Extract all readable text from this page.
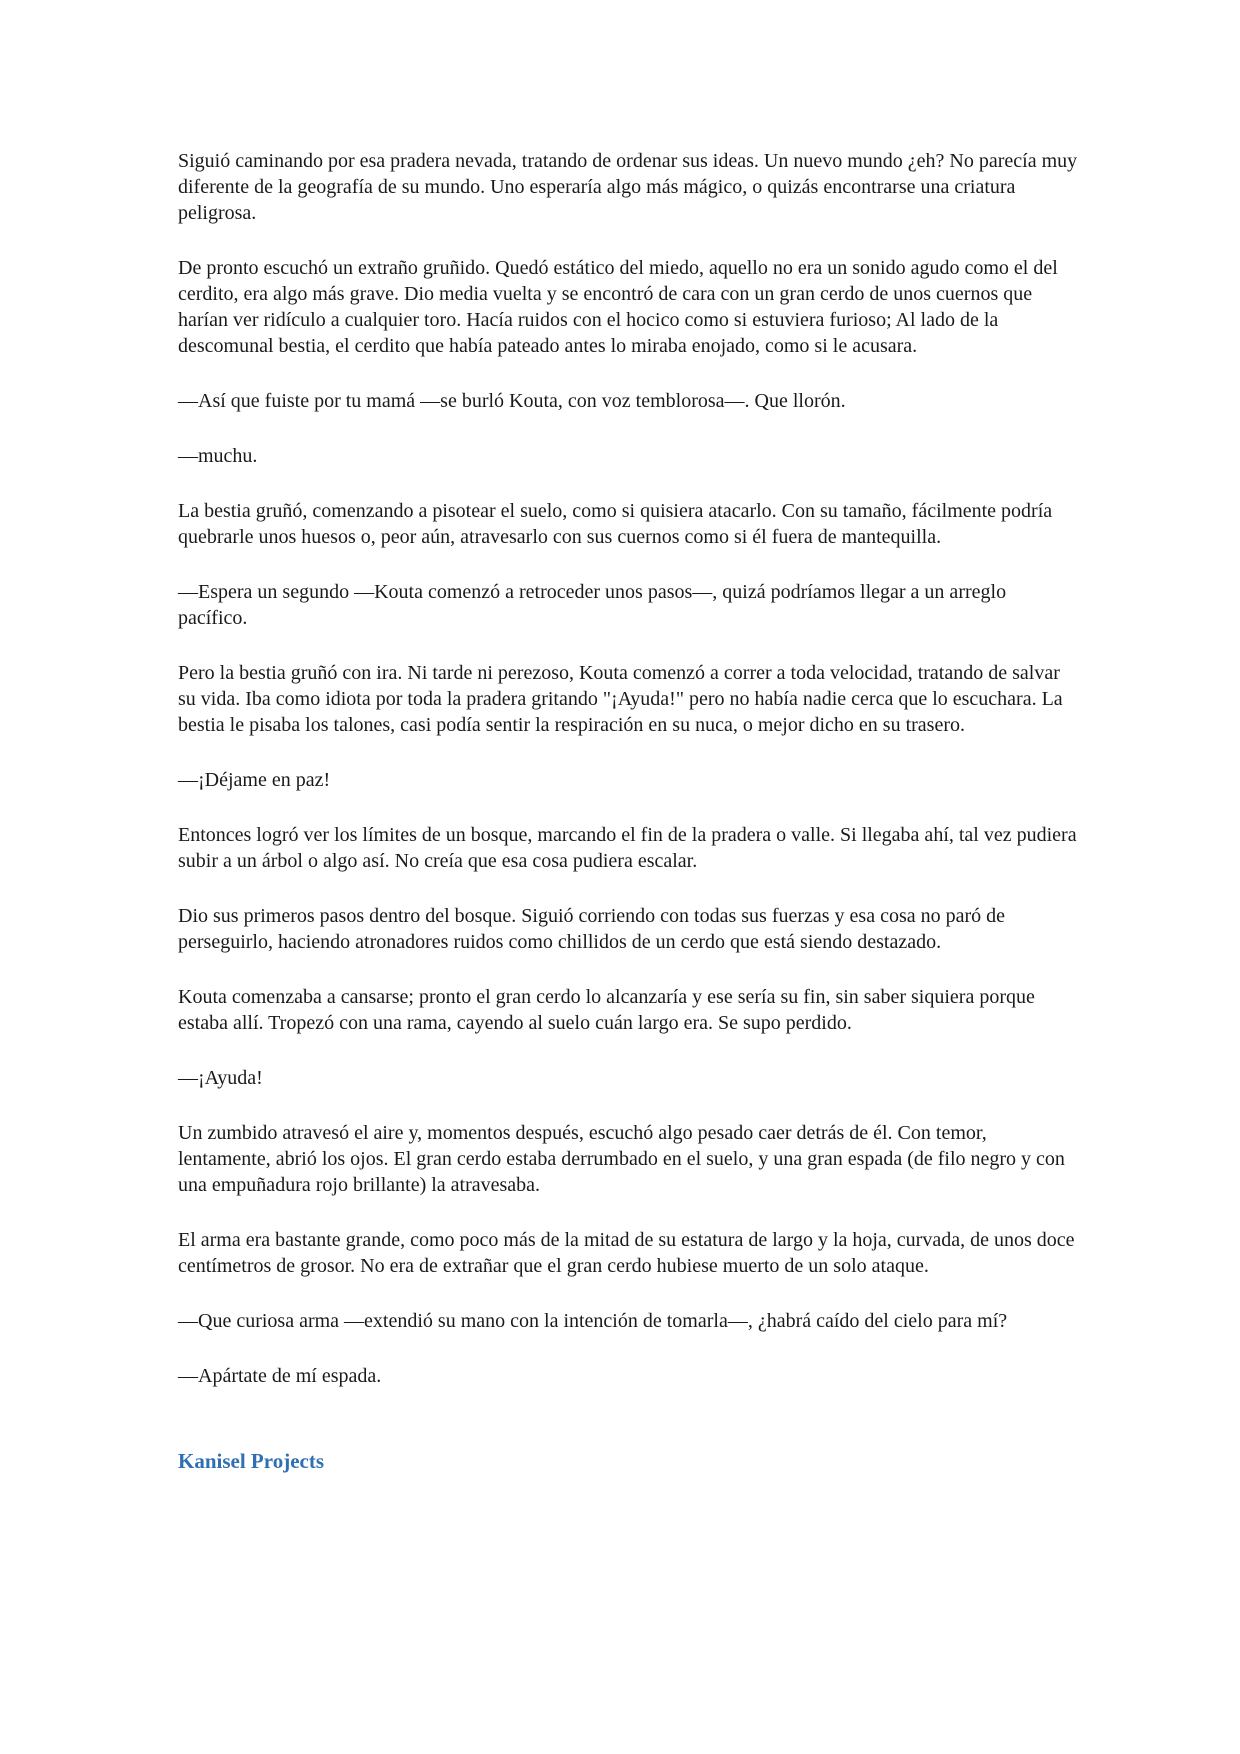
Siguió caminando por esa pradera nevada, tratando de ordenar sus ideas. Un nuevo mundo ¿eh? No parecía muy diferente de la geografía de su mundo. Uno esperaría algo más mágico, o quizás encontrarse una criatura peligrosa.

De pronto escuchó un extraño gruñido. Quedó estático del miedo, aquello no era un sonido agudo como el del cerdito, era algo más grave. Dio media vuelta y se encontró de cara con un gran cerdo de unos cuernos que harían ver ridículo a cualquier toro. Hacía ruidos con el hocico como si estuviera furioso; Al lado de la descomunal bestia, el cerdito que había pateado antes lo miraba enojado, como si le acusara.

—Así que fuiste por tu mamá —se burló Kouta, con voz temblorosa—. Que llorón.

—muchu.

La bestia gruñó, comenzando a pisotear el suelo, como si quisiera atacarlo. Con su tamaño, fácilmente podría quebrarle unos huesos o, peor aún, atravesarlo con sus cuernos como si él fuera de mantequilla.

—Espera un segundo —Kouta comenzó a retroceder unos pasos—, quizá podríamos llegar a un arreglo pacífico.

Pero la bestia gruñó con ira. Ni tarde ni perezoso, Kouta comenzó a correr a toda velocidad, tratando de salvar su vida. Iba como idiota por toda la pradera gritando "¡Ayuda!" pero no había nadie cerca que lo escuchara. La bestia le pisaba los talones, casi podía sentir la respiración en su nuca, o mejor dicho en su trasero.

—¡Déjame en paz!

Entonces logró ver los límites de un bosque, marcando el fin de la pradera o valle. Si llegaba ahí, tal vez pudiera subir a un árbol o algo así. No creía que esa cosa pudiera escalar.

Dio sus primeros pasos dentro del bosque. Siguió corriendo con todas sus fuerzas y esa cosa no paró de perseguirlo, haciendo atronadores ruidos como chillidos de un cerdo que está siendo destazado.

Kouta comenzaba a cansarse; pronto el gran cerdo lo alcanzaría y ese sería su fin, sin saber siquiera porque estaba allí. Tropezó con una rama, cayendo al suelo cuán largo era. Se supo perdido.

—¡Ayuda!

Un zumbido atravesó el aire y, momentos después, escuchó algo pesado caer detrás de él. Con temor, lentamente, abrió los ojos. El gran cerdo estaba derrumbado en el suelo, y una gran espada (de filo negro y con una empuñadura rojo brillante) la atravesaba.

El arma era bastante grande, como poco más de la mitad de su estatura de largo y la hoja, curvada, de unos doce centímetros de grosor. No era de extrañar que el gran cerdo hubiese muerto de un solo ataque.

—Que curiosa arma —extendió su mano con la intención de tomarla—, ¿habrá caído del cielo para mí?

—Apártate de mí espada.

Kanisel Projects
